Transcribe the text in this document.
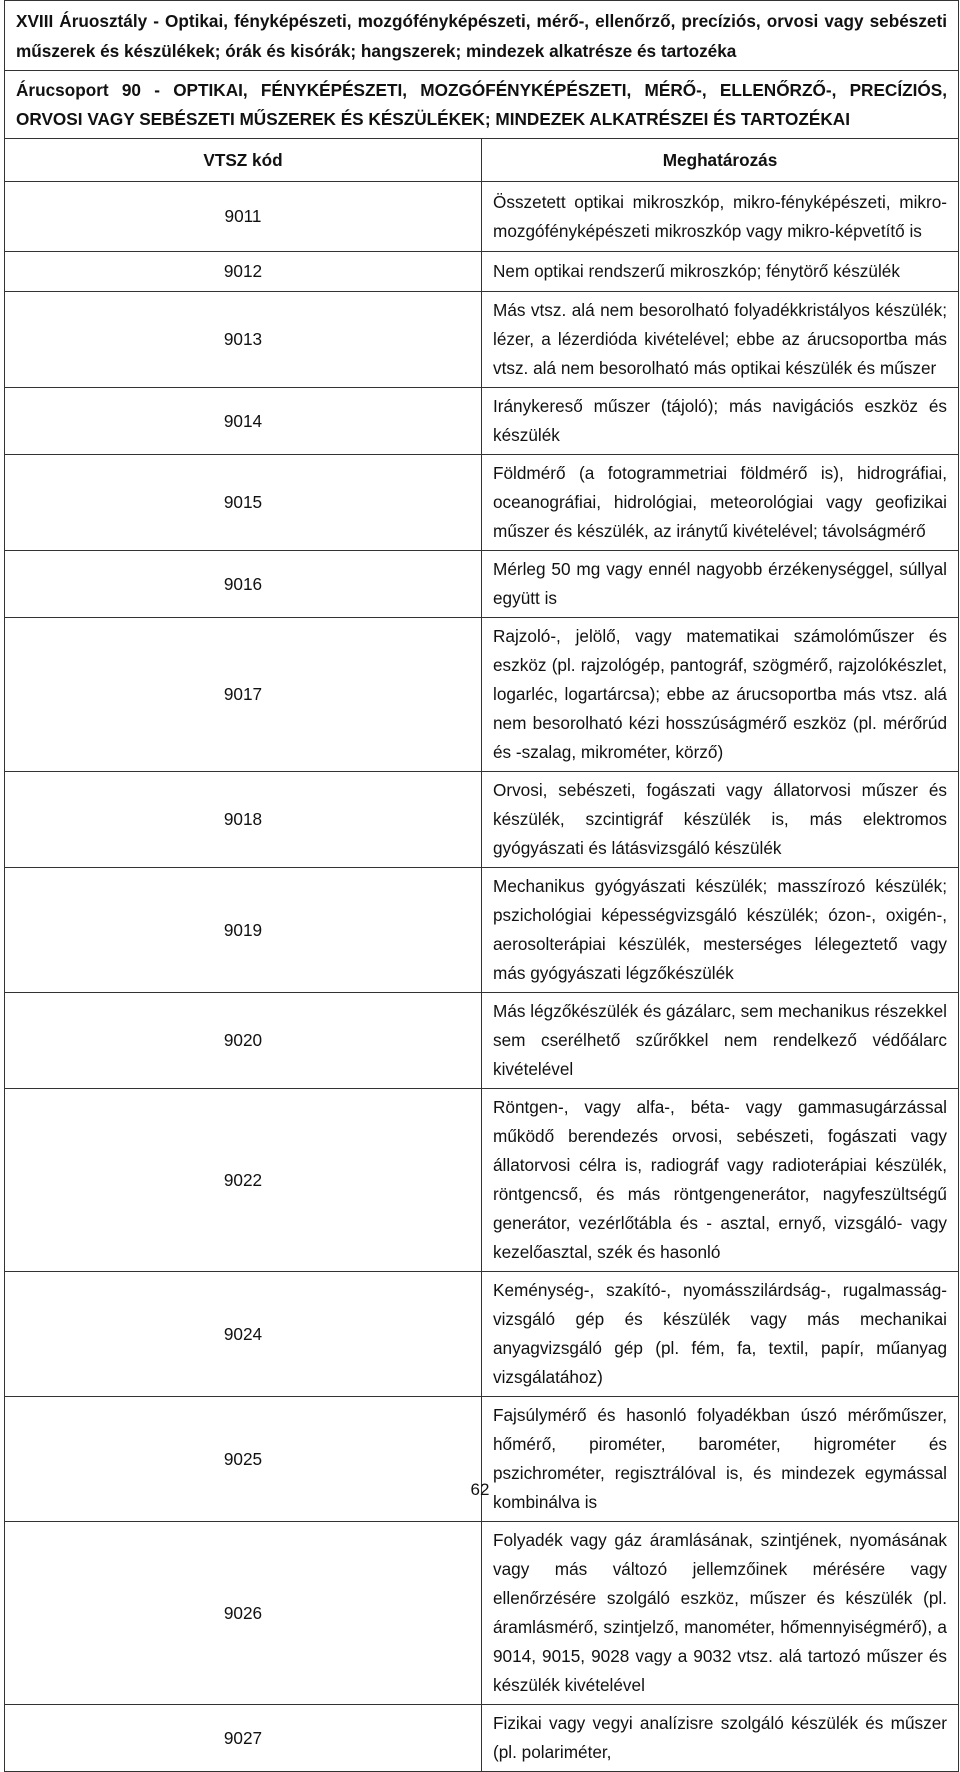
XVIII Áruosztály - Optikai, fényképészeti, mozgófényképészeti, mérő-, ellenőrző, precíziós, orvosi vagy sebészeti műszerek és készülékek; órák és kisórák; hangszerek; mindezek alkatrésze és tartozéka	
Árucsoport 90 - OPTIKAI, FÉNYKÉPÉSZETI, MOZGÓFÉNYKÉPÉSZETI, MÉRŐ-, ELLENŐRZŐ-, PRECÍZIÓS, ORVOSI VAGY SEBÉSZETI MŰSZEREK ÉS KÉSZÜLÉKEK; MINDEZEK ALKATRÉSZEI ÉS TARTOZÉKAI	
VTSZ kód	Meghatározás
9011	Összetett optikai mikroszkóp, mikro-fényképészeti, mikro-mozgófényképészeti mikroszkóp vagy mikro-képvetítő is
9012	Nem optikai rendszerű mikroszkóp; fénytörő készülék
9013	Más vtsz. alá nem besorolható folyadékkristályos készülék; lézer, a lézerdióda kivételével; ebbe az árucsoportba más vtsz. alá nem besorolható más optikai készülék és műszer
9014	Iránykereső műszer (tájoló); más navigációs eszköz és készülék
9015	Földmérő (a fotogrammetriai földmérő is), hidrográfiai, oceanográfiai, hidrológiai, meteorológiai vagy geofizikai műszer és készülék, az iránytű kivételével; távolságmérő
9016	Mérleg 50 mg vagy ennél nagyobb érzékenységgel, súllyal együtt is
9017	Rajzoló-, jelölő, vagy matematikai számolóműszer és eszköz (pl. rajzológép, pantográf, szögmérő, rajzolókészlet, logarléc, logartárcsa); ebbe az árucsoportba más vtsz. alá nem besorolható kézi hosszúságmérő eszköz (pl. mérőrúd és -szalag, mikrométer, körző)
9018	Orvosi, sebészeti, fogászati vagy állatorvosi műszer és készülék, szcintigráf készülék is, más elektromos gyógyászati és látásvizsgáló készülék
9019	Mechanikus gyógyászati készülék; masszírozó készülék; pszichológiai képességvizsgáló készülék; ózon-, oxigén-, aerosolterápiai készülék, mesterséges lélegeztető vagy más gyógyászati légzőkészülék
9020	Más légzőkészülék és gázálarc, sem mechanikus részekkel sem cserélhető szűrőkkel nem rendelkező védőálarc kivételével
9022	Röntgen-, vagy alfa-, béta- vagy gammasugárzással működő berendezés orvosi, sebészeti, fogászati vagy állatorvosi célra is, radiográf vagy radioterápiai készülék, röntgencső, és más röntgengenerátor, nagyfeszültségű generátor, vezérlőtábla és - asztal, ernyő, vizsgáló- vagy kezelőasztal, szék és hasonló
9024	Keménység-, szakító-, nyomásszilárdság-, rugalmasság-vizsgáló gép és készülék vagy más mechanikai anyagvizsgáló gép (pl. fém, fa, textil, papír, műanyag vizsgálatához)
9025	Fajsúlymérő és hasonló folyadékban úszó mérőműszer, hőmérő, pirométer, barométer, higrométer és pszichrométer, regisztrálóval is, és mindezek egymással kombinálva is
9026	Folyadék vagy gáz áramlásának, szintjének, nyomásának vagy más változó jellemzőinek mérésére vagy ellenőrzésére szolgáló eszköz, műszer és készülék (pl. áramlásmérő, szintjelző, manométer, hőmennyiségmérő), a 9014, 9015, 9028 vagy a 9032 vtsz. alá tartozó műszer és készülék kivételével
9027	Fizikai vagy vegyi analízisre szolgáló készülék és műszer (pl. polariméter,
62
